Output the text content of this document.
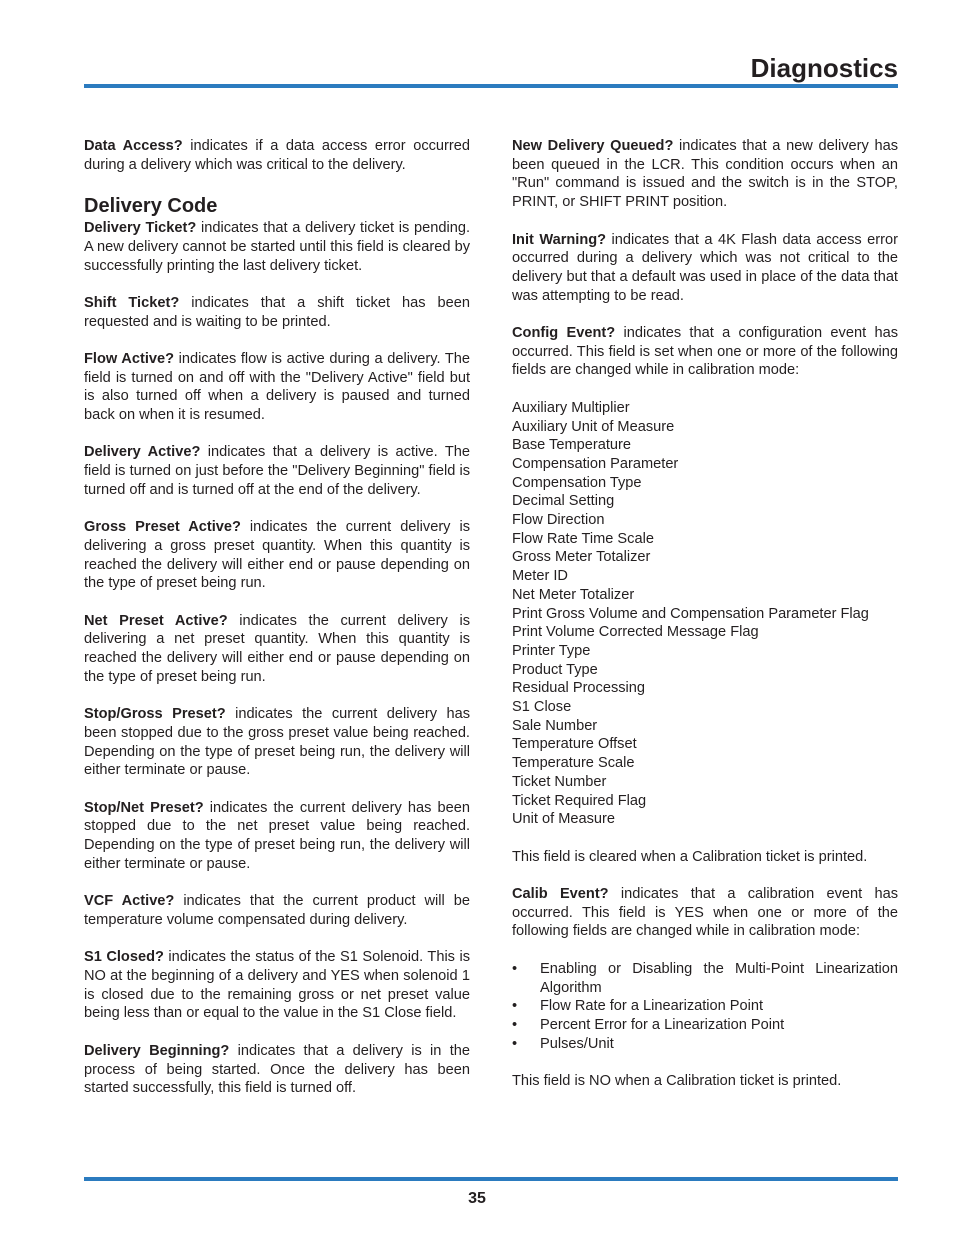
Diagnostics

Data Access? indicates if a data access error occurred during a delivery which was critical to the delivery.

Delivery Code

Delivery Ticket? indicates that a delivery ticket is pending. A new delivery cannot be started until this field is cleared by successfully printing the last delivery ticket.

Shift Ticket? indicates that a shift ticket has been requested and is waiting to be printed.

Flow Active? indicates flow is active during a delivery. The field is turned on and off with the "Delivery Active" field but is also turned off when a delivery is paused and turned back on when it is resumed.

Delivery Active? indicates that a delivery is active. The field is turned on just before the "Delivery Beginning" field is turned off and is turned off at the end of the delivery.

Gross Preset Active? indicates the current delivery is delivering a gross preset quantity. When this quantity is reached the delivery will either end or pause depending on the type of preset being run.

Net Preset Active? indicates the current delivery is delivering a net preset quantity. When this quantity is reached the delivery will either end or pause depending on the type of preset being run.

Stop/Gross Preset? indicates the current delivery has been stopped due to the gross preset value being reached. Depending on the type of preset being run, the delivery will either terminate or pause.

Stop/Net Preset? indicates the current delivery has been stopped due to the net preset value being reached. Depending on the type of preset being run, the delivery will either terminate or pause.

VCF Active? indicates that the current product will be temperature volume compensated during delivery.

S1 Closed? indicates the status of the S1 Solenoid. This is NO at the beginning of a delivery and YES when solenoid 1 is closed due to the remaining gross or net preset value being less than or equal to the value in the S1 Close field.

Delivery Beginning? indicates that a delivery is in the process of being started. Once the delivery has been started successfully, this field is turned off.

New Delivery Queued? indicates that a new delivery has been queued in the LCR. This condition occurs when an "Run" command is issued and the switch is in the STOP, PRINT, or SHIFT PRINT position.

Init Warning? indicates that a 4K Flash data access error occurred during a delivery which was not critical to the delivery but that a default was used in place of the data that was attempting to be read.

Config Event? indicates that a configuration event has occurred. This field is set when one or more of the following fields are changed while in calibration mode:

Auxiliary Multiplier
Auxiliary Unit of Measure
Base Temperature
Compensation Parameter
Compensation Type
Decimal Setting
Flow Direction
Flow Rate Time Scale
Gross Meter Totalizer
Meter ID
Net Meter Totalizer
Print Gross Volume and Compensation Parameter Flag
Print Volume Corrected Message Flag
Printer Type
Product Type
Residual Processing
S1 Close
Sale Number
Temperature Offset
Temperature Scale
Ticket Number
Ticket Required Flag
Unit of Measure

This field is cleared when a Calibration ticket is printed.

Calib Event? indicates that a calibration event has occurred. This field is YES when one or more of the following fields are changed while in calibration mode:

• Enabling or Disabling the Multi-Point Linearization Algorithm
• Flow Rate for a Linearization Point
• Percent Error for a Linearization Point
• Pulses/Unit

This field is NO when a Calibration ticket is printed.

35
